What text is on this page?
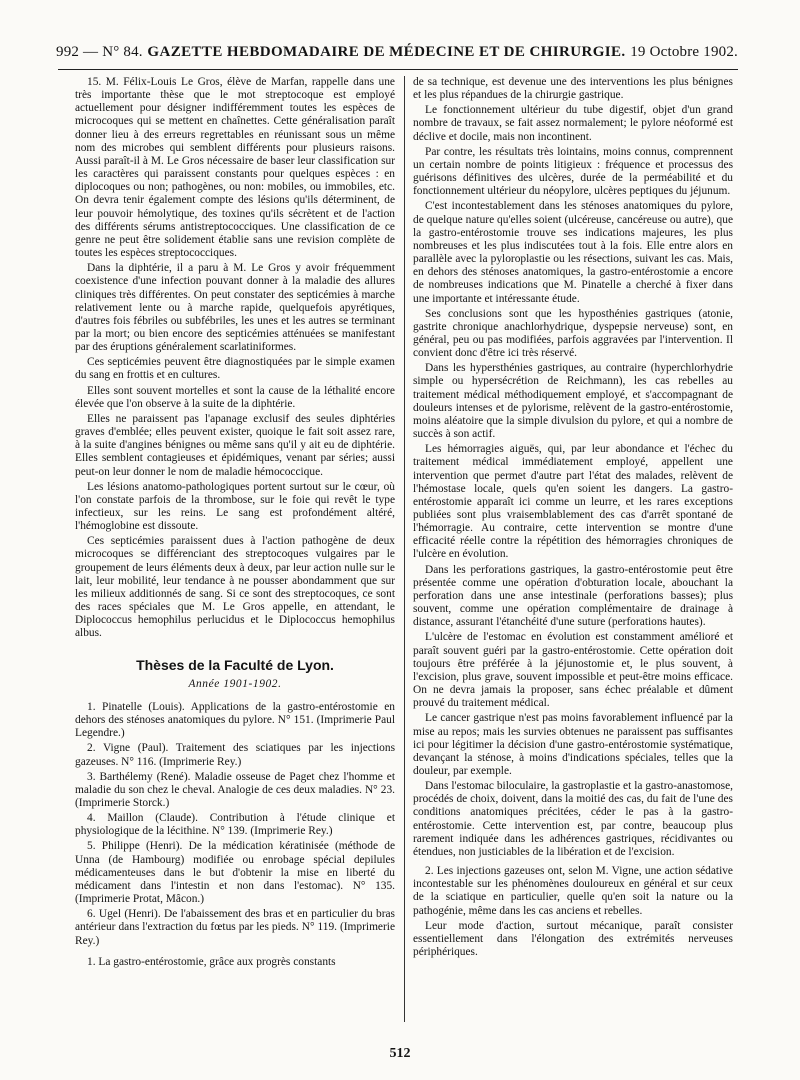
992 — N° 84. GAZETTE HEBDOMADAIRE DE MÉDECINE ET DE CHIRURGIE. 19 Octobre 1902.

15. M. Félix-Louis Le Gros, élève de Marfan, rappelle dans une très importante thèse que le mot streptocoque est employé actuellement pour désigner indifféremment toutes les espèces de microcoques qui se mettent en chaînettes. Cette généralisation paraît donner lieu à des erreurs regrettables en réunissant sous un même nom des microbes qui semblent différents pour plusieurs raisons. Aussi paraît-il à M. Le Gros nécessaire de baser leur classification sur les caractères qui paraissent constants pour quelques espèces : en diplocoques ou non; pathogènes, ou non: mobiles, ou immobiles, etc. On devra tenir également compte des lésions qu'ils déterminent, de leur pouvoir hémolytique, des toxines qu'ils sécrètent et de l'action des différents sérums antistreptococciques. Une classification de ce genre ne peut être solidement établie sans une revision complète de toutes les espèces streptococciques.

Dans la diphtérie, il a paru à M. Le Gros y avoir fréquemment coexistence d'une infection pouvant donner à la maladie des allures cliniques très différentes. On peut constater des septicémies à marche relativement lente ou à marche rapide, quelquefois apyrétiques, d'autres fois fébriles ou subfébriles, les unes et les autres se terminant par la mort; ou bien encore des septicémies atténuées se manifestant par des éruptions généralement scarlatiniformes.

Ces septicémies peuvent être diagnostiquées par le simple examen du sang en frottis et en cultures.

Elles sont souvent mortelles et sont la cause de la léthalité encore élevée que l'on observe à la suite de la diphtérie.

Elles ne paraissent pas l'apanage exclusif des seules diphtéries graves d'emblée; elles peuvent exister, quoique le fait soit assez rare, à la suite d'angines bénignes ou même sans qu'il y ait eu de diphtérie. Elles semblent contagieuses et épidémiques, venant par séries; aussi peut-on leur donner le nom de maladie hémococcique.

Les lésions anatomo-pathologiques portent surtout sur le cœur, où l'on constate parfois de la thrombose, sur le foie qui revêt le type infectieux, sur les reins. Le sang est profondément altéré, l'hémoglobine est dissoute.

Ces septicémies paraissent dues à l'action pathogène de deux microcoques se différenciant des streptocoques vulgaires par le groupement de leurs éléments deux à deux, par leur action nulle sur le lait, leur mobilité, leur tendance à ne pousser abondamment que sur les milieux additionnés de sang. Si ce sont des streptocoques, ce sont des races spéciales que M. Le Gros appelle, en attendant, le Diplococcus hemophilus perlucidus et le Diplococcus hemophilus albus.

Thèses de la Faculté de Lyon.
Année 1901-1902.

1. Pinatelle (Louis). Applications de la gastro-entérostomie en dehors des sténoses anatomiques du pylore. N° 151. (Imprimerie Paul Legendre.)

2. Vigne (Paul). Traitement des sciatiques par les injections gazeuses. N° 116. (Imprimerie Rey.)

3. Barthélemy (René). Maladie osseuse de Paget chez l'homme et maladie du son chez le cheval. Analogie de ces deux maladies. N° 23. (Imprimerie Storck.)

4. Maillon (Claude). Contribution à l'étude clinique et physiologique de la lécithine. N° 139. (Imprimerie Rey.)

5. Philippe (Henri). De la médication kératinisée (méthode de Unna (de Hambourg) modifiée ou enrobage spécial depilules médicamenteuses dans le but d'obtenir la mise en liberté du médicament dans l'intestin et non dans l'estomac). N° 135. (Imprimerie Protat, Mâcon.)

6. Ugel (Henri). De l'abaissement des bras et en particulier du bras antérieur dans l'extraction du fœtus par les pieds. N° 119. (Imprimerie Rey.)

1. La gastro-entérostomie, grâce aux progrès constants

de sa technique, est devenue une des interventions les plus bénignes et les plus répandues de la chirurgie gastrique.

Le fonctionnement ultérieur du tube digestif, objet d'un grand nombre de travaux, se fait assez normalement; le pylore néoformé est déclive et docile, mais non incontinent.

Par contre, les résultats très lointains, moins connus, comprennent un certain nombre de points litigieux : fréquence et processus des guérisons définitives des ulcères, durée de la perméabilité et du fonctionnement ultérieur du néopylore, ulcères peptiques du jéjunum.

C'est incontestablement dans les sténoses anatomiques du pylore, de quelque nature qu'elles soient (ulcéreuse, cancéreuse ou autre), que la gastro-entérostomie trouve ses indications majeures, les plus nombreuses et les plus indiscutées tout à la fois. Elle entre alors en parallèle avec la pyloroplastie ou les résections, suivant les cas. Mais, en dehors des sténoses anatomiques, la gastro-entérostomie a encore de nombreuses indications que M. Pinatelle a cherché à fixer dans une importante et intéressante étude.

Ses conclusions sont que les hyposthénies gastriques (atonie, gastrite chronique anachlorhydrique, dyspepsie nerveuse) sont, en général, peu ou pas modifiées, parfois aggravées par l'intervention. Il convient donc d'être ici très réservé.

Dans les hypersthénies gastriques, au contraire (hyperchlorhydrie simple ou hypersécrétion de Reichmann), les cas rebelles au traitement médical méthodiquement employé, et s'accompagnant de douleurs intenses et de pylorisme, relèvent de la gastro-entérostomie, moins aléatoire que la simple divulsion du pylore, et qui a nombre de succès à son actif.

Les hémorragies aiguës, qui, par leur abondance et l'échec du traitement médical immédiatement employé, appellent une intervention que permet d'autre part l'état des malades, relèvent de l'hémostase locale, quels qu'en soient les dangers. La gastro-entérostomie apparaît ici comme un leurre, et les rares exceptions publiées sont plus vraisemblablement des cas d'arrêt spontané de l'hémorragie. Au contraire, cette intervention se montre d'une efficacité réelle contre la répétition des hémorragies chroniques de l'ulcère en évolution.

Dans les perforations gastriques, la gastro-entérostomie peut être présentée comme une opération d'obturation locale, abouchant la perforation dans une anse intestinale (perforations basses); plus souvent, comme une opération complémentaire de drainage à distance, assurant l'étanchéité d'une suture (perforations hautes).

L'ulcère de l'estomac en évolution est constamment amélioré et paraît souvent guéri par la gastro-entérostomie. Cette opération doit toujours être préférée à la jéjunostomie et, le plus souvent, à l'excision, plus grave, souvent impossible et peut-être moins efficace. On ne devra jamais la proposer, sans échec préalable et dûment prouvé du traitement médical.

Le cancer gastrique n'est pas moins favorablement influencé par la mise au repos; mais les survies obtenues ne paraissent pas suffisantes ici pour légitimer la décision d'une gastro-entérostomie systématique, devançant la sténose, à moins d'indications spéciales, telles que la douleur, par exemple.

Dans l'estomac biloculaire, la gastroplastie et la gastro-anastomose, procédés de choix, doivent, dans la moitié des cas, du fait de l'une des conditions anatomiques précitées, céder le pas à la gastro-entérostomie. Cette intervention est, par contre, beaucoup plus rarement indiquée dans les adhérences gastriques, récidivantes ou étendues, non justiciables de la libération et de l'excision.

2. Les injections gazeuses ont, selon M. Vigne, une action sédative incontestable sur les phénomènes douloureux en général et sur ceux de la sciatique en particulier, quelle qu'en soit la nature ou la pathogénie, même dans les cas anciens et rebelles.

Leur mode d'action, surtout mécanique, paraît consister essentiellement dans l'élongation des extrémités nerveuses périphériques.

512
